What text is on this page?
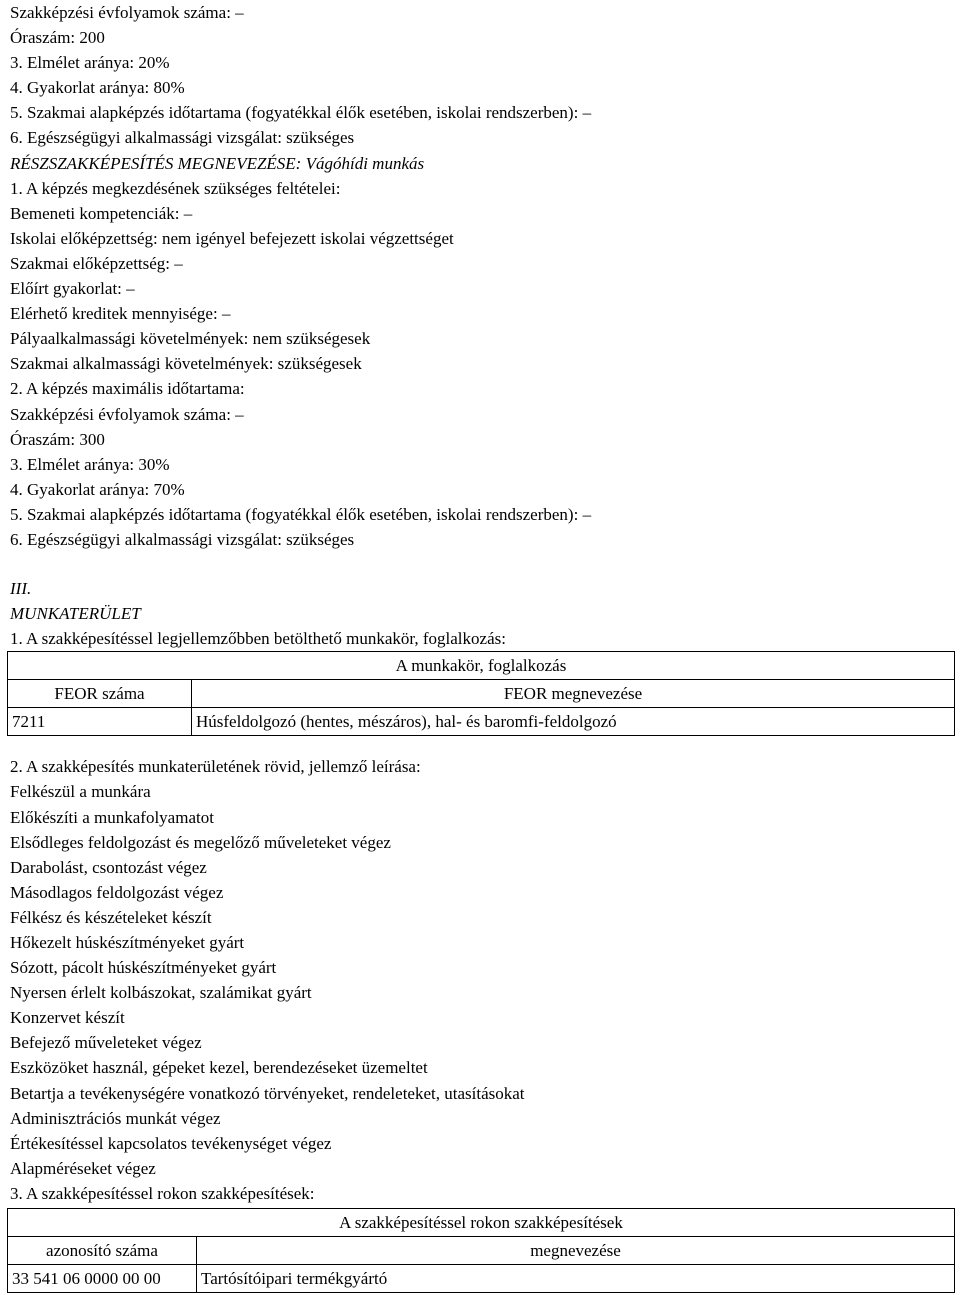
Szakképzési évfolyamok száma: –
Óraszám: 200
3. Elmélet aránya: 20%
4. Gyakorlat aránya: 80%
5. Szakmai alapképzés időtartama (fogyatékkal élők esetében, iskolai rendszerben): –
6. Egészségügyi alkalmassági vizsgálat: szükséges
RÉSZSZAKKÉPESÍTÉS MEGNEVEZÉSE: Vágóhídi munkás
1. A képzés megkezdésének szükséges feltételei:
Bemeneti kompetenciák: –
Iskolai előképzettség: nem igényel befejezett iskolai végzettséget
Szakmai előképzettség: –
Előírt gyakorlat: –
Elérhető kreditek mennyisége: –
Pályaalkalmassági követelmények: nem szükségesek
Szakmai alkalmassági követelmények: szükségesek
2. A képzés maximális időtartama:
Szakképzési évfolyamok száma: –
Óraszám: 300
3. Elmélet aránya: 30%
4. Gyakorlat aránya: 70%
5. Szakmai alapképzés időtartama (fogyatékkal élők esetében, iskolai rendszerben): –
6. Egészségügyi alkalmassági vizsgálat: szükséges
III.
MUNKATERÜLET
1. A szakképesítéssel legjellemzőbben betölthető munkakör, foglalkozás:
A munkakör, foglalkozás	
FEOR száma	FEOR megnevezése
7211	Húsfeldolgozó (hentes, mészáros), hal- és baromfi-feldolgozó
2. A szakképesítés munkaterületének rövid, jellemző leírása:
Felkészül a munkára
Előkészíti a munkafolyamatot
Elsődleges feldolgozást és megelőző műveleteket végez
Darabolást, csontozást végez
Másodlagos feldolgozást végez
Félkész és készételeket készít
Hőkezelt húskészítményeket gyárt
Sózott, pácolt húskészítményeket gyárt
Nyersen érlelt kolbászokat, szalámikat gyárt
Konzervet készít
Befejező műveleteket végez
Eszközöket használ, gépeket kezel, berendezéseket üzemeltet
Betartja a tevékenységére vonatkozó törvényeket, rendeleteket, utasításokat
Adminisztrációs munkát végez
Értékesítéssel kapcsolatos tevékenységet végez
Alapméréseket végez
3. A szakképesítéssel rokon szakképesítések:
A szakképesítéssel rokon szakképesítések	
azonosító száma	megnevezése
33 541 06 0000 00 00	Tartósítóipari termékgyártó
